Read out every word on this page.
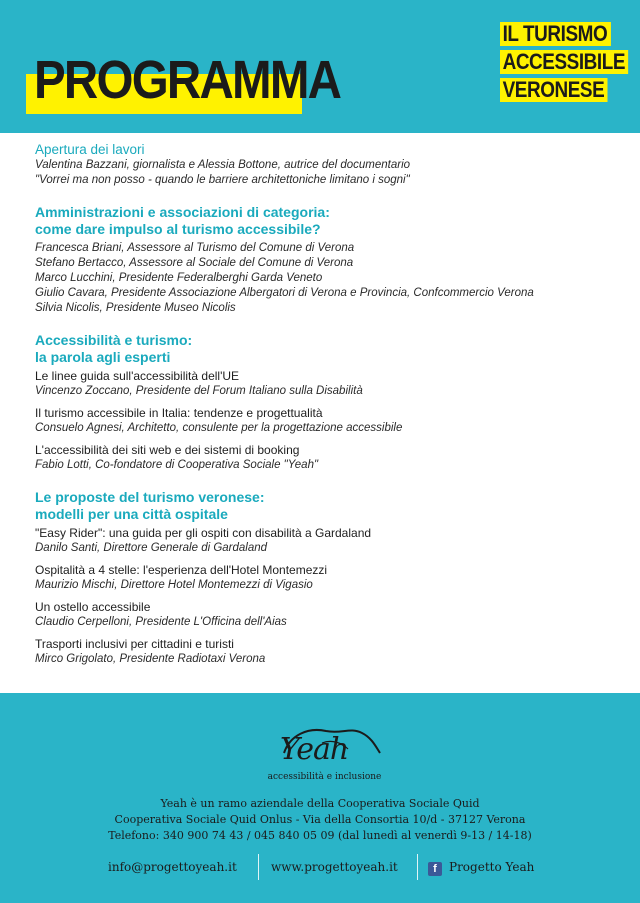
PROGRAMMA
IL TURISMO
ACCESSIBILE
VERONESE
Apertura dei lavori
Valentina Bazzani, giornalista e Alessia Bottone, autrice del documentario
"Vorrei ma non posso - quando le barriere architettoniche limitano i sogni"
Amministrazioni e associazioni di categoria:
come dare impulso al turismo accessibile?
Francesca Briani, Assessore al Turismo del Comune di Verona
Stefano Bertacco, Assessore al Sociale del Comune di Verona
Marco Lucchini, Presidente Federalberghi Garda Veneto
Giulio Cavara, Presidente Associazione Albergatori di Verona e Provincia, Confcommercio Verona
Silvia Nicolis, Presidente Museo Nicolis
Accessibilità e turismo:
la parola agli esperti
Le linee guida sull'accessibilità dell'UE
Vincenzo Zoccano, Presidente del Forum Italiano sulla Disabilità
Il turismo accessibile in Italia: tendenze e progettualità
Consuelo Agnesi, Architetto, consulente per la progettazione accessibile
L'accessibilità dei siti web e dei sistemi di booking
Fabio Lotti, Co-fondatore di Cooperativa Sociale "Yeah"
Le proposte del turismo veronese:
modelli per una città ospitale
"Easy Rider": una guida per gli ospiti con disabilità a Gardaland
Danilo Santi, Direttore Generale di Gardaland
Ospitalità a 4 stelle: l'esperienza dell'Hotel Montemezzi
Maurizio Mischi, Direttore Hotel Montemezzi di Vigasio
Un ostello accessibile
Claudio Cerpelloni, Presidente L'Officina dell'Aias
Trasporti inclusivi per cittadini e turisti
Mirco Grigolato, Presidente Radiotaxi Verona
Yeah
accessibilità e inclusione
Yeah è un ramo aziendale della Cooperativa Sociale Quid
Cooperativa Sociale Quid Onlus - Via della Consortia 10/d - 37127 Verona
Telefono: 340 900 74 43 / 045 840 05 09 (dal lunedì al venerdì 9-13 / 14-18)
info@progettoyeah.it	www.progettoyeah.it	f	Progetto Yeah
